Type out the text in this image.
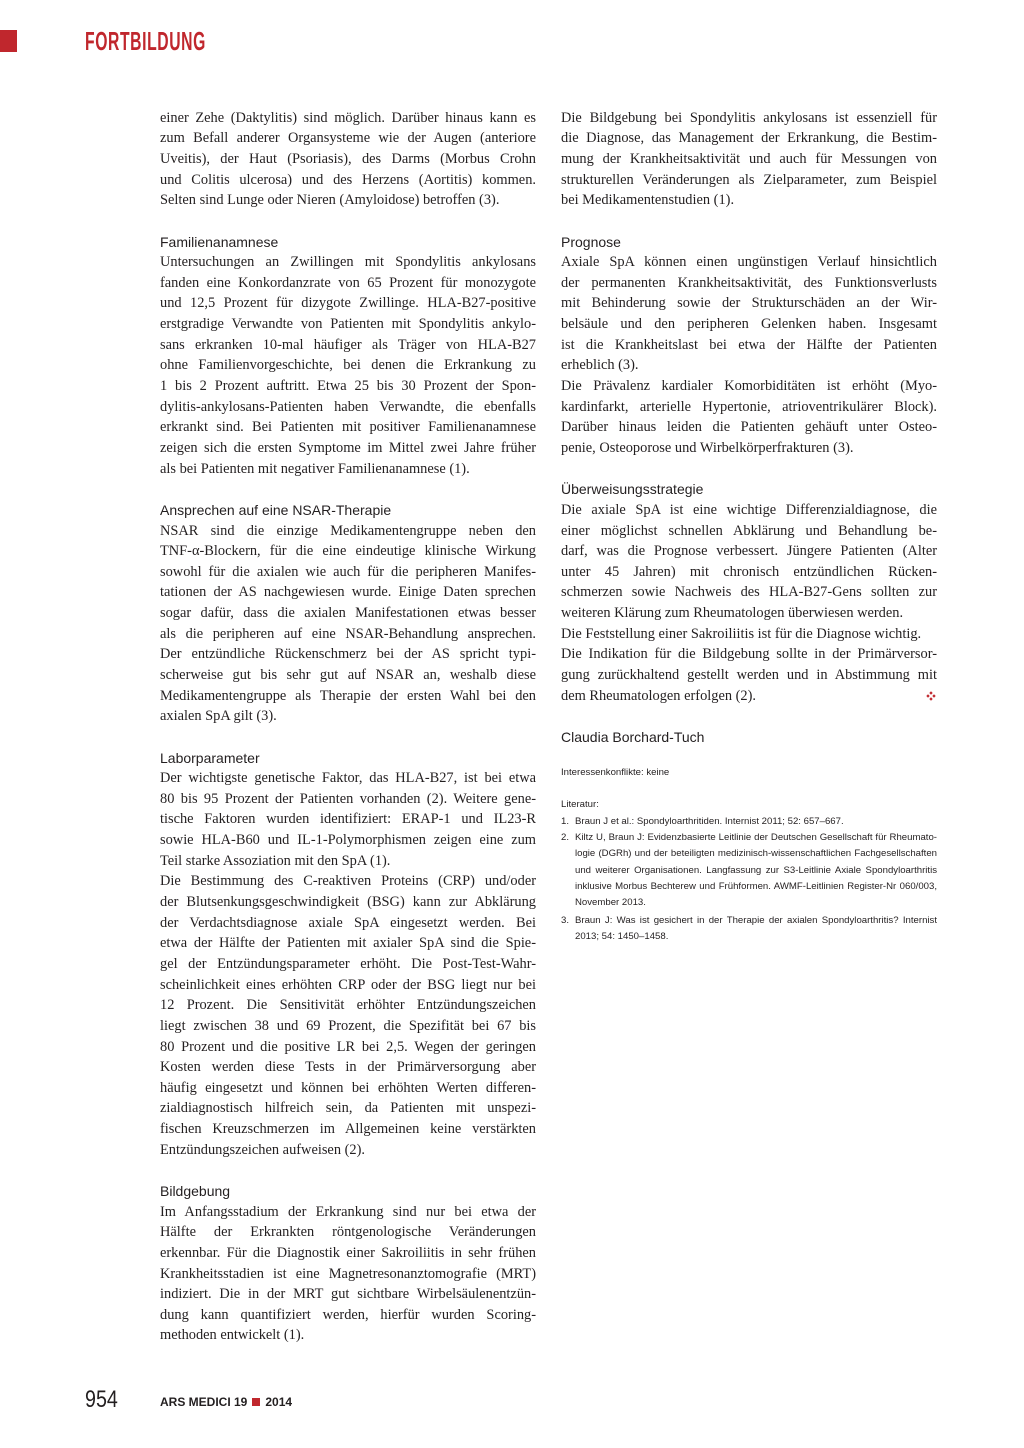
FORTBILDUNG
einer Zehe (Daktylitis) sind möglich. Darüber hinaus kann es
zum Befall anderer Organsysteme wie der Augen (anteriore
Uveitis), der Haut (Psoriasis), des Darms (Morbus Crohn
und Colitis ulcerosa) und des Herzens (Aortitis) kommen.
Selten sind Lunge oder Nieren (Amyloidose) betroffen (3).
Familienanamnese
Untersuchungen an Zwillingen mit Spondylitis ankylosans
fanden eine Konkordanzrate von 65 Prozent für monozygote
und 12,5 Prozent für dizygote Zwillinge. HLA-B27-positive
erstgradige Verwandte von Patienten mit Spondylitis ankylo-
sans erkranken 10-mal häufiger als Träger von HLA-B27
ohne Familienvorgeschichte, bei denen die Erkrankung zu
1 bis 2 Prozent auftritt. Etwa 25 bis 30 Prozent der Spon-
dylitis-ankylosans-Patienten haben Verwandte, die ebenfalls
erkrankt sind. Bei Patienten mit positiver Familienanamnese
zeigen sich die ersten Symptome im Mittel zwei Jahre früher
als bei Patienten mit negativer Familienanamnese (1).
Ansprechen auf eine NSAR-Therapie
NSAR sind die einzige Medikamentengruppe neben den
TNF-α-Blockern, für die eine eindeutige klinische Wirkung
sowohl für die axialen wie auch für die peripheren Manifes-
tationen der AS nachgewiesen wurde. Einige Daten sprechen
sogar dafür, dass die axialen Manifestationen etwas besser
als die peripheren auf eine NSAR-Behandlung ansprechen.
Der entzündliche Rückenschmerz bei der AS spricht typi-
scherweise gut bis sehr gut auf NSAR an, weshalb diese
Medikamentengruppe als Therapie der ersten Wahl bei den
axialen SpA gilt (3).
Laborparameter
Der wichtigste genetische Faktor, das HLA-B27, ist bei etwa
80 bis 95 Prozent der Patienten vorhanden (2). Weitere gene-
tische Faktoren wurden identifiziert: ERAP-1 und IL23-R
sowie HLA-B60 und IL-1-Polymorphismen zeigen eine zum
Teil starke Assoziation mit den SpA (1).
Die Bestimmung des C-reaktiven Proteins (CRP) und/oder
der Blutsenkungsgeschwindigkeit (BSG) kann zur Abklärung
der Verdachtsdiagnose axiale SpA eingesetzt werden. Bei
etwa der Hälfte der Patienten mit axialer SpA sind die Spie-
gel der Entzündungsparameter erhöht. Die Post-Test-Wahr-
scheinlichkeit eines erhöhten CRP oder der BSG liegt nur bei
12 Prozent. Die Sensitivität erhöhter Entzündungszeichen
liegt zwischen 38 und 69 Prozent, die Spezifität bei 67 bis
80 Prozent und die positive LR bei 2,5. Wegen der geringen
Kosten werden diese Tests in der Primärversorgung aber
häufig eingesetzt und können bei erhöhten Werten differen-
zialdiagnostisch hilfreich sein, da Patienten mit unspezi-
fischen Kreuzschmerzen im Allgemeinen keine verstärkten
Entzündungszeichen aufweisen (2).
Bildgebung
Im Anfangsstadium der Erkrankung sind nur bei etwa der
Hälfte der Erkrankten röntgenologische Veränderungen
erkennbar. Für die Diagnostik einer Sakroiliitis in sehr frühen
Krankheitsstadien ist eine Magnetresonanztomografie (MRT)
indiziert. Die in der MRT gut sichtbare Wirbelsäulenentzün-
dung kann quantifiziert werden, hierfür wurden Scoring-
methoden entwickelt (1).
Die Bildgebung bei Spondylitis ankylosans ist essenziell für
die Diagnose, das Management der Erkrankung, die Bestim-
mung der Krankheitsaktivität und auch für Messungen von
strukturellen Veränderungen als Zielparameter, zum Beispiel
bei Medikamentenstudien (1).
Prognose
Axiale SpA können einen ungünstigen Verlauf hinsichtlich
der permanenten Krankheitsaktivität, des Funktionsverlusts
mit Behinderung sowie der Strukturschäden an der Wir-
belsäule und den peripheren Gelenken haben. Insgesamt
ist die Krankheitslast bei etwa der Hälfte der Patienten
erheblich (3).
Die Prävalenz kardialer Komorbiditäten ist erhöht (Myo-
kardinfarkt, arterielle Hypertonie, atrioventrikulärer Block).
Darüber hinaus leiden die Patienten gehäuft unter Osteo-
penie, Osteoporose und Wirbelkörperfrakturen (3).
Überweisungsstrategie
Die axiale SpA ist eine wichtige Differenzialdiagnose, die
einer möglichst schnellen Abklärung und Behandlung be-
darf, was die Prognose verbessert. Jüngere Patienten (Alter
unter 45 Jahren) mit chronisch entzündlichen Rücken-
schmerzen sowie Nachweis des HLA-B27-Gens sollten zur
weiteren Klärung zum Rheumatologen überwiesen werden.
Die Feststellung einer Sakroiliitis ist für die Diagnose wichtig.
Die Indikation für die Bildgebung sollte in der Primärversor-
gung zurückhaltend gestellt werden und in Abstimmung mit
dem Rheumatologen erfolgen (2).
Claudia Borchard-Tuch
Interessenkonflikte: keine
Literatur:
1. Braun J et al.: Spondyloarthritiden. Internist 2011; 52: 657–667.
2. Kiltz U, Braun J: Evidenzbasierte Leitlinie der Deutschen Gesellschaft für Rheumato-
logie (DGRh) und der beteiligten medizinisch-wissenschaftlichen Fachgesellschaften
und weiterer Organisationen. Langfassung zur S3-Leitlinie Axiale Spondyloarthritis
inklusive Morbus Bechterew und Frühformen. AWMF-Leitlinien Register-Nr 060/003,
November 2013.
3. Braun J: Was ist gesichert in der Therapie der axialen Spondyloarthritis? Internist
2013; 54: 1450–1458.
954	ARS MEDICI 19 2014
